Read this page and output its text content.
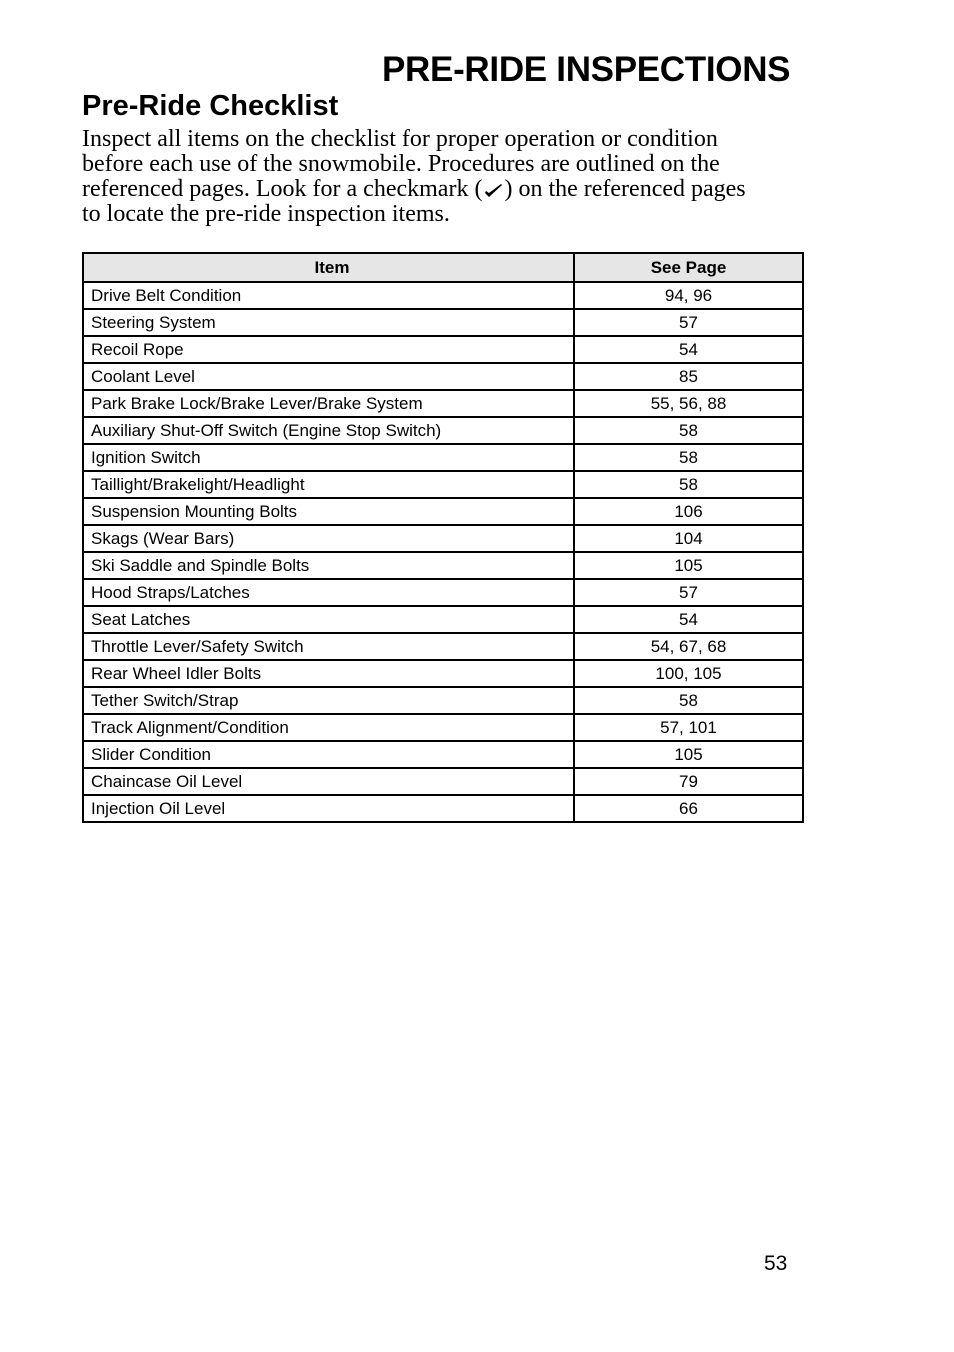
PRE-RIDE INSPECTIONS
Pre-Ride Checklist
Inspect all items on the checklist for proper operation or condition
before each use of the snowmobile. Procedures are outlined on the
referenced pages. Look for a checkmark ( ) on the referenced pages
to locate the pre-ride inspection items.
Item	See Page
Drive Belt Condition	94, 96
Steering System	57
Recoil Rope	54
Coolant Level	85
Park Brake Lock/Brake Lever/Brake System	55, 56, 88
Auxiliary Shut-Off Switch (Engine Stop Switch)	58
Ignition Switch	58
Taillight/Brakelight/Headlight	58
Suspension Mounting Bolts	106
Skags (Wear Bars)	104
Ski Saddle and Spindle Bolts	105
Hood Straps/Latches	57
Seat Latches	54
Throttle Lever/Safety Switch	54, 67, 68
Rear Wheel Idler Bolts	100, 105
Tether Switch/Strap	58
Track Alignment/Condition	57, 101
Slider Condition	105
Chaincase Oil Level	79
Injection Oil Level	66
53
